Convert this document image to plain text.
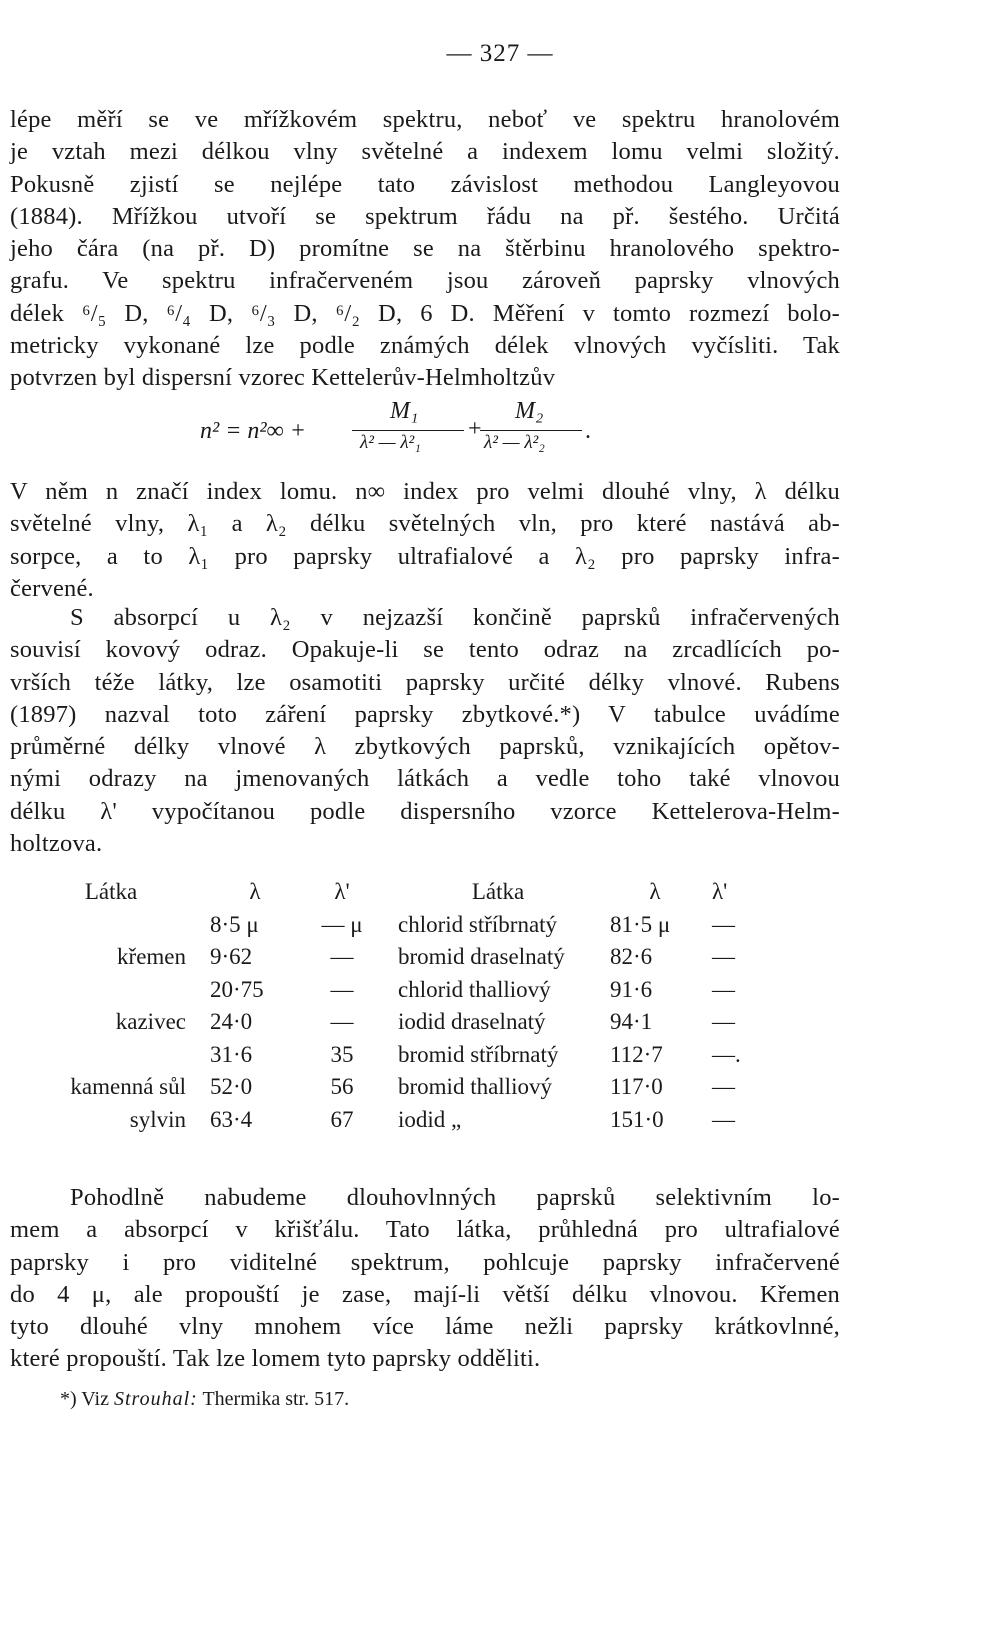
— 327 —
lépe měří se ve mřížkovém spektru, neboť ve spektru hranolovém
je vztah mezi délkou vlny světelné a indexem lomu velmi složitý.
Pokusně zjistí se nejlépe tato závislost methodou Langleyovou
(1884). Mřížkou utvoří se spektrum řádu na př. šestého. Určitá
jeho čára (na př. D) promítne se na štěrbinu hranolového spektro-
grafu. Ve spektru infračerveném jsou zároveň paprsky vlnových
délek ⁶/₅ D, ⁶/₄ D, ⁶/₃ D, ⁶/₂ D, 6 D. Měření v tomto rozmezí bolo-
metricky vykonané lze podle známých délek vlnových vyčísliti. Tak
potvrzen byl dispersní vzorec Kettelerův-Helmholtzův
n² = n²∞ +
M₁
λ² — λ²₁
+
M₂
λ² — λ²₂ .
V něm n značí index lomu. n∞ index pro velmi dlouhé vlny, λ délku
světelné vlny, λ₁ a λ₂ délku světelných vln, pro které nastává ab-
sorpce, a to λ₁ pro paprsky ultrafialové a λ₂ pro paprsky infra-
červené.
S absorpcí u λ₂ v nejzazší končině paprsků infračervených
souvisí kovový odraz. Opakuje-li se tento odraz na zrcadlících po-
vrších téže látky, lze osamotiti paprsky určité délky vlnové. Rubens
(1897) nazval toto záření paprsky zbytkové.*) V tabulce uvádíme
průměrné délky vlnové λ zbytkových paprsků, vznikajících opětov-
nými odrazy na jmenovaných látkách a vedle toho také vlnovou
délku λ' vypočítanou podle dispersního vzorce Kettelerova-Helm-
holtzova.
Látka	λ	λ'	Látka	λ	λ'
	8·5 μ	— μ	chlorid stříbrnatý	81·5 μ	—
křemen	9·62	—	bromid draselnatý	82·6	—
	20·75	—	chlorid thalliový	91·6	—
kazivec	24·0	—	iodid draselnatý	94·1	—
	31·6	35	bromid stříbrnatý	112·7	—.
kamenná sůl	52·0	56	bromid thalliový	117·0	—
sylvin	63·4	67	iodid „	151·0	—
Pohodlně nabudeme dlouhovlnných paprsků selektivním lo-
mem a absorpcí v křišťálu. Tato látka, průhledná pro ultrafialové
paprsky i pro viditelné spektrum, pohlcuje paprsky infračervené
do 4 μ, ale propouští je zase, mají-li větší délku vlnovou. Křemen
tyto dlouhé vlny mnohem více láme nežli paprsky krátkovlnné,
které propouští. Tak lze lomem tyto paprsky odděliti.
*) Viz Strouhal: Thermika str. 517.
